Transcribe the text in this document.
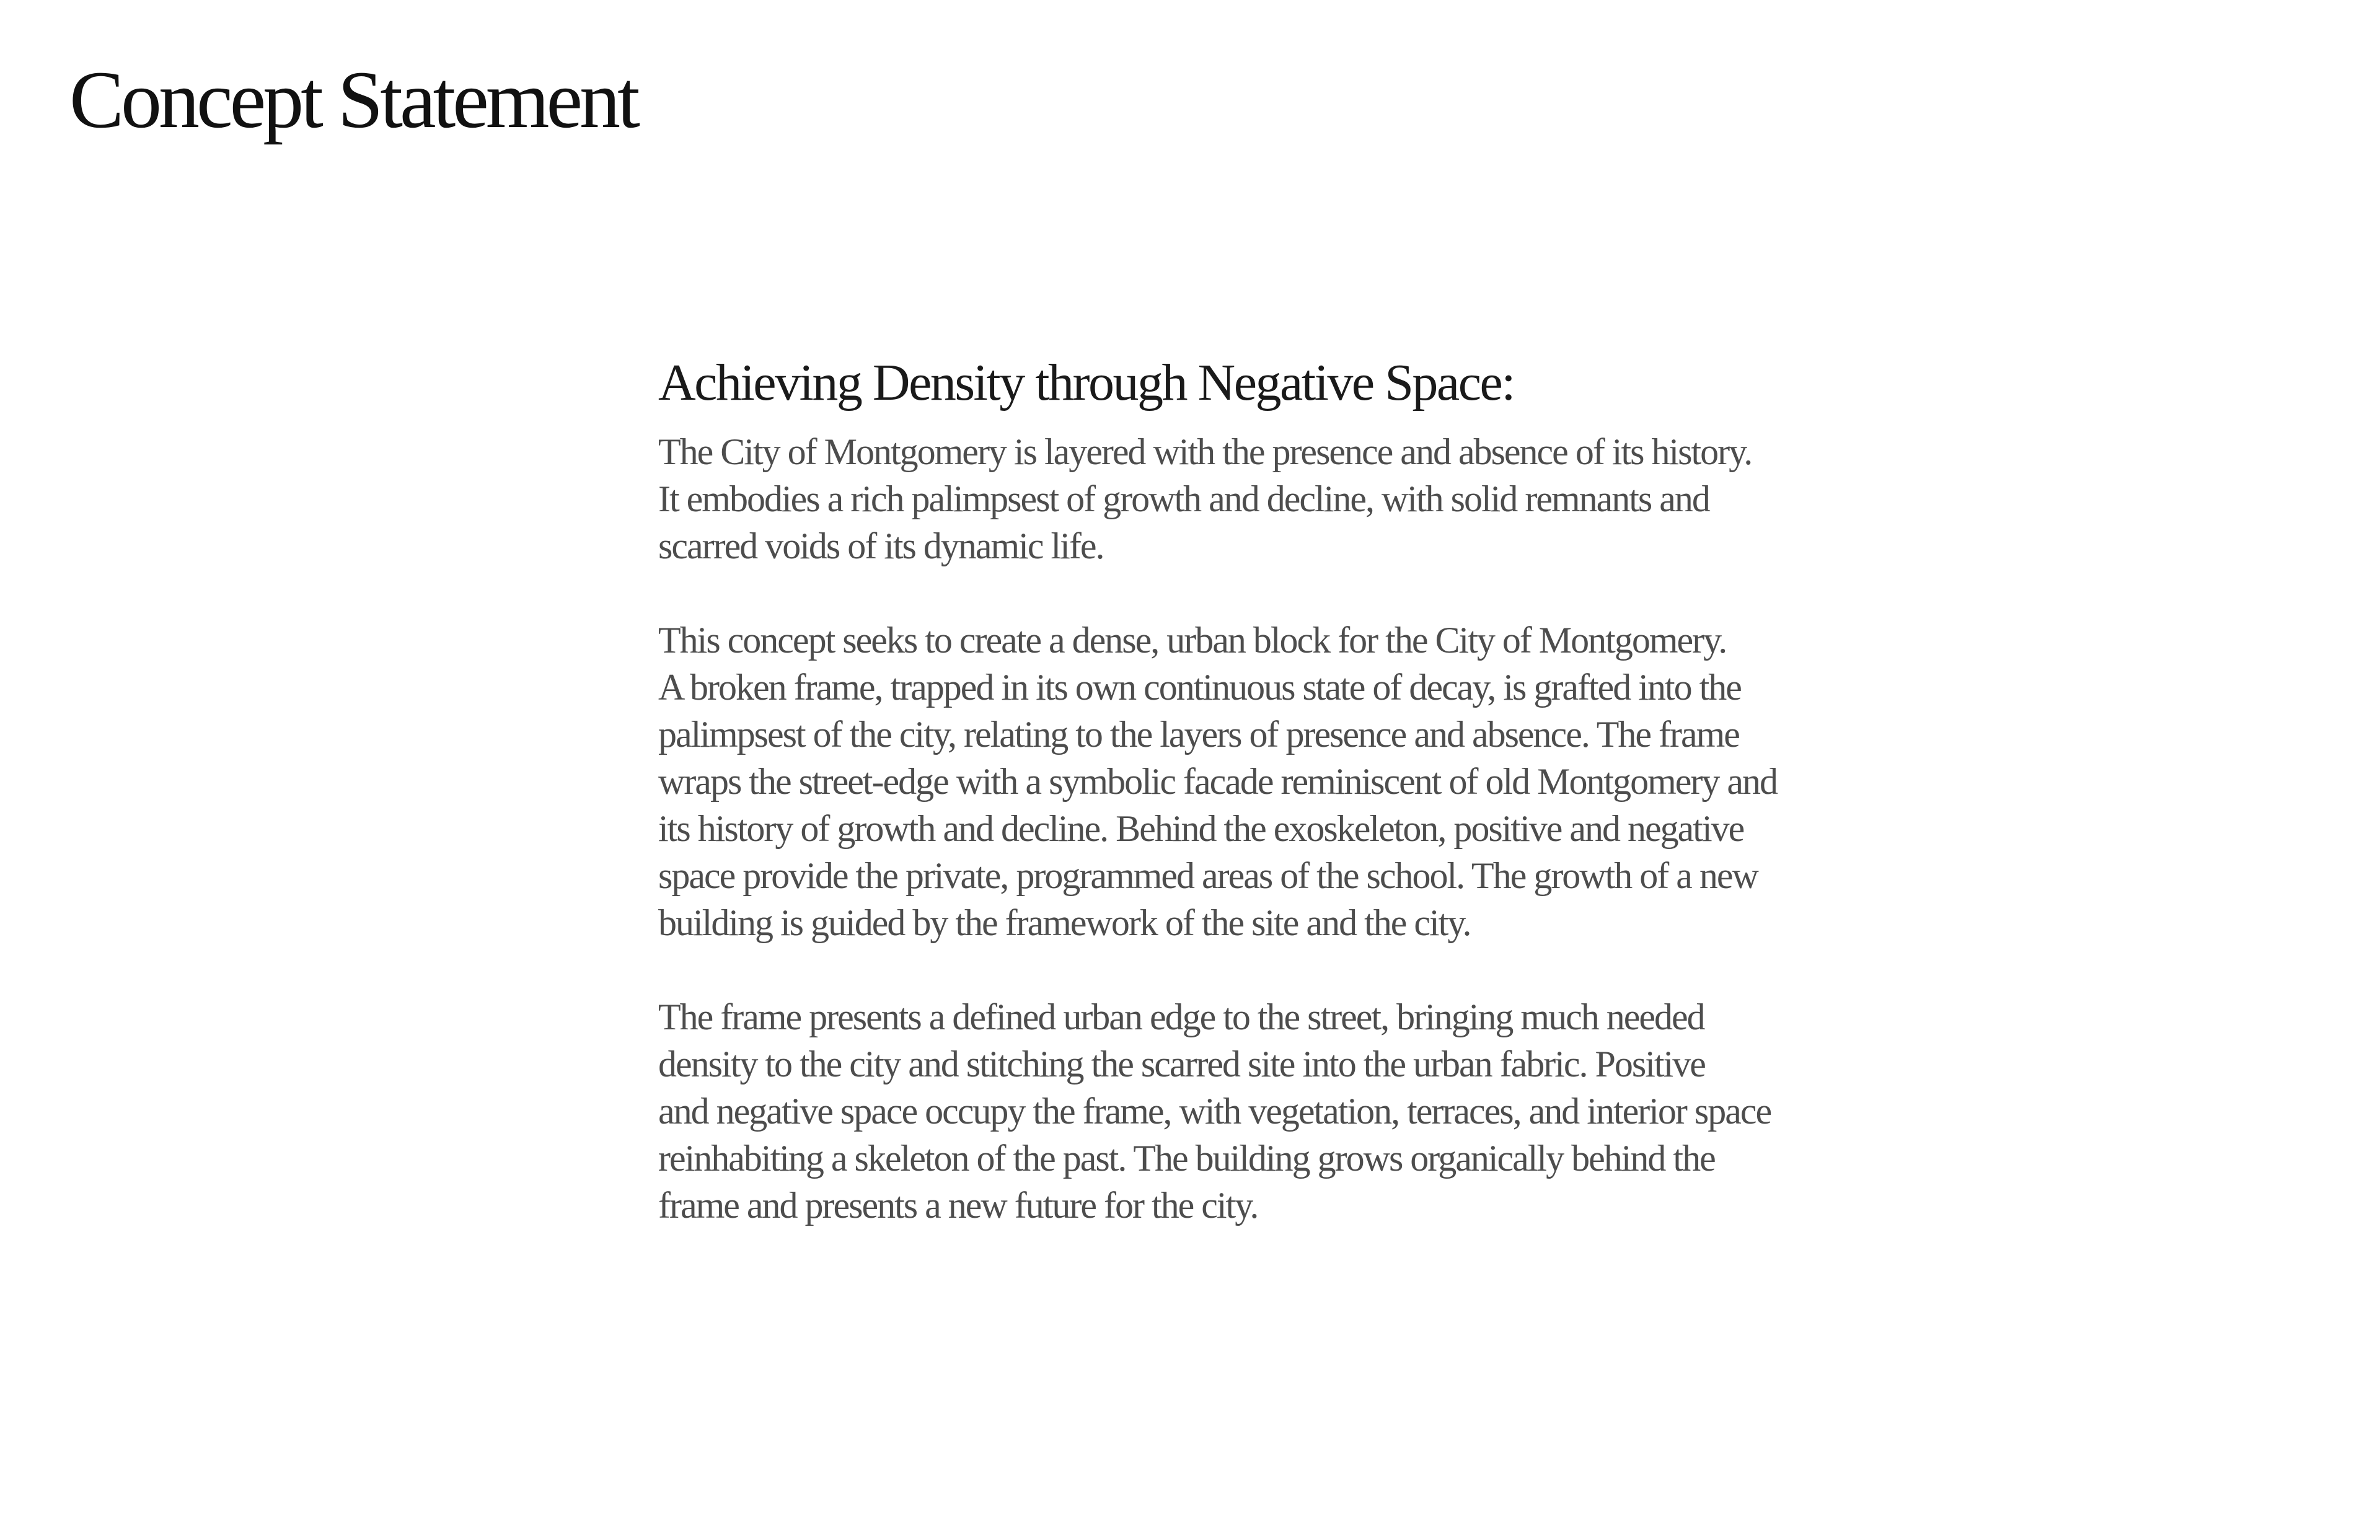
Concept Statement
Achieving Density through Negative Space:
The City of Montgomery is layered with the presence and absence of its history.
It embodies a rich palimpsest of growth and decline, with solid remnants and
scarred voids of its dynamic life.
This concept seeks to create a dense, urban block for the City of Montgomery.
A broken frame, trapped in its own continuous state of decay, is grafted into the
palimpsest of the city, relating to the layers of presence and absence. The frame
wraps the street-edge with a symbolic facade reminiscent of old Montgomery and
its history of growth and decline. Behind the exoskeleton, positive and negative
space provide the private, programmed areas of the school. The growth of a new
building is guided by the framework of the site and the city.
The frame presents a defined urban edge to the street, bringing much needed
density to the city and stitching the scarred site into the urban fabric. Positive
and negative space occupy the frame, with vegetation, terraces, and interior space
reinhabiting a skeleton of the past. The building grows organically behind the
frame and presents a new future for the city.
